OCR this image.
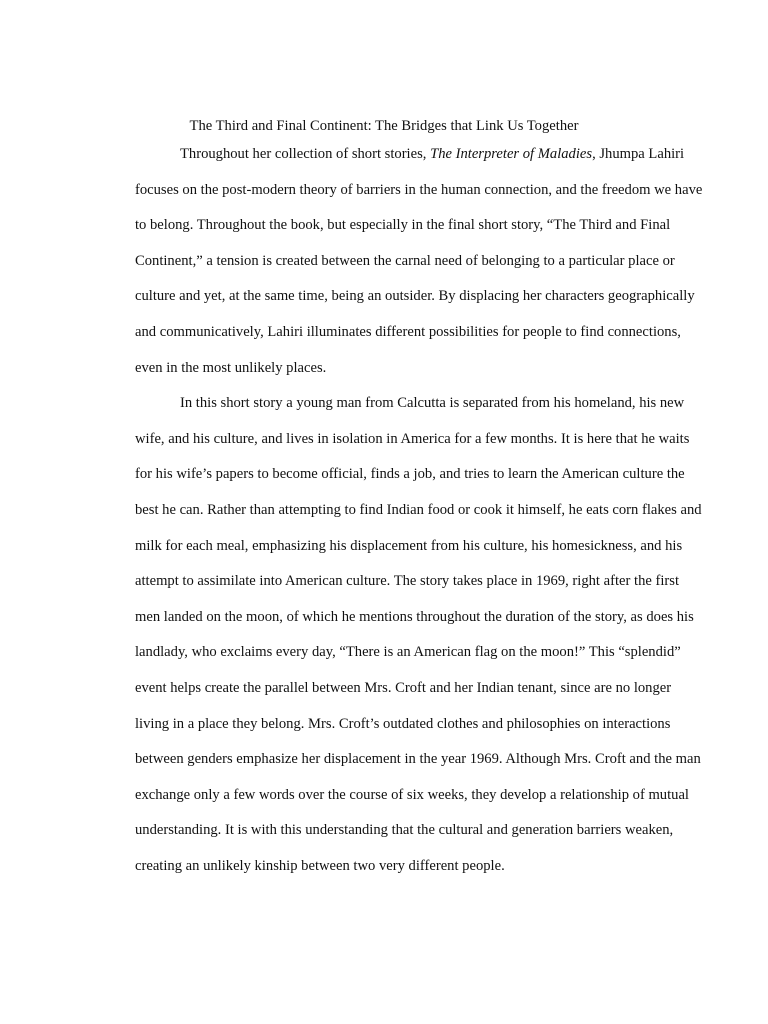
The Third and Final Continent: The Bridges that Link Us Together

Throughout her collection of short stories, The Interpreter of Maladies, Jhumpa Lahiri
focuses on the post-modern theory of barriers in the human connection, and the freedom we have
to belong. Throughout the book, but especially in the final short story, “The Third and Final
Continent,” a tension is created between the carnal need of belonging to a particular place or
culture and yet, at the same time, being an outsider. By displacing her characters geographically
and communicatively, Lahiri illuminates different possibilities for people to find connections,
even in the most unlikely places.
In this short story a young man from Calcutta is separated from his homeland, his new
wife, and his culture, and lives in isolation in America for a few months. It is here that he waits
for his wife’s papers to become official, finds a job, and tries to learn the American culture the
best he can. Rather than attempting to find Indian food or cook it himself, he eats corn flakes and
milk for each meal, emphasizing his displacement from his culture, his homesickness, and his
attempt to assimilate into American culture. The story takes place in 1969, right after the first
men landed on the moon, of which he mentions throughout the duration of the story, as does his
landlady, who exclaims every day, “There is an American flag on the moon!” This “splendid”
event helps create the parallel between Mrs. Croft and her Indian tenant, since are no longer
living in a place they belong. Mrs. Croft’s outdated clothes and philosophies on interactions
between genders emphasize her displacement in the year 1969. Although Mrs. Croft and the man
exchange only a few words over the course of six weeks, they develop a relationship of mutual
understanding. It is with this understanding that the cultural and generation barriers weaken,
creating an unlikely kinship between two very different people.
